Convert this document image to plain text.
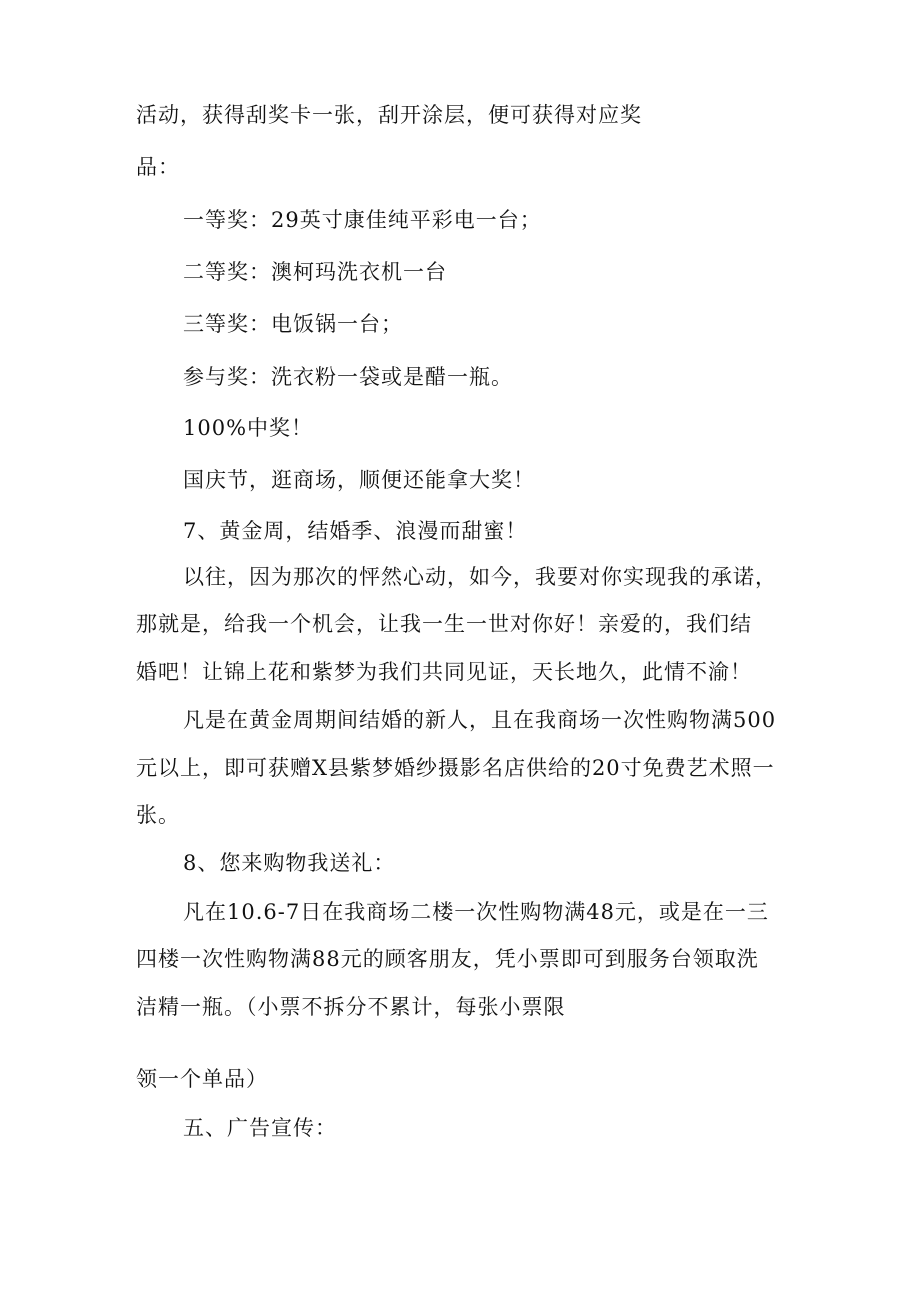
活动，获得刮奖卡一张，刮开涂层，便可获得对应奖

品：

一等奖：29英寸康佳纯平彩电一台；

二等奖：澳柯玛洗衣机一台

三等奖：电饭锅一台；

参与奖：洗衣粉一袋或是醋一瓶。

100%中奖！

国庆节，逛商场，顺便还能拿大奖！

7、黄金周，结婚季、浪漫而甜蜜！

以往，因为那次的怦然心动，如今，我要对你实现我的承诺，

那就是，给我一个机会，让我一生一世对你好！亲爱的，我们结

婚吧！让锦上花和紫梦为我们共同见证，天长地久，此情不渝！

凡是在黄金周期间结婚的新人，且在我商场一次性购物满500

元以上，即可获赠X县紫梦婚纱摄影名店供给的20寸免费艺术照一

张。

8、您来购物我送礼：

凡在10.6-7日在我商场二楼一次性购物满48元，或是在一三

四楼一次性购物满88元的顾客朋友，凭小票即可到服务台领取洗

洁精一瓶。（小票不拆分不累计，每张小票限

领一个单品）

五、广告宣传：
